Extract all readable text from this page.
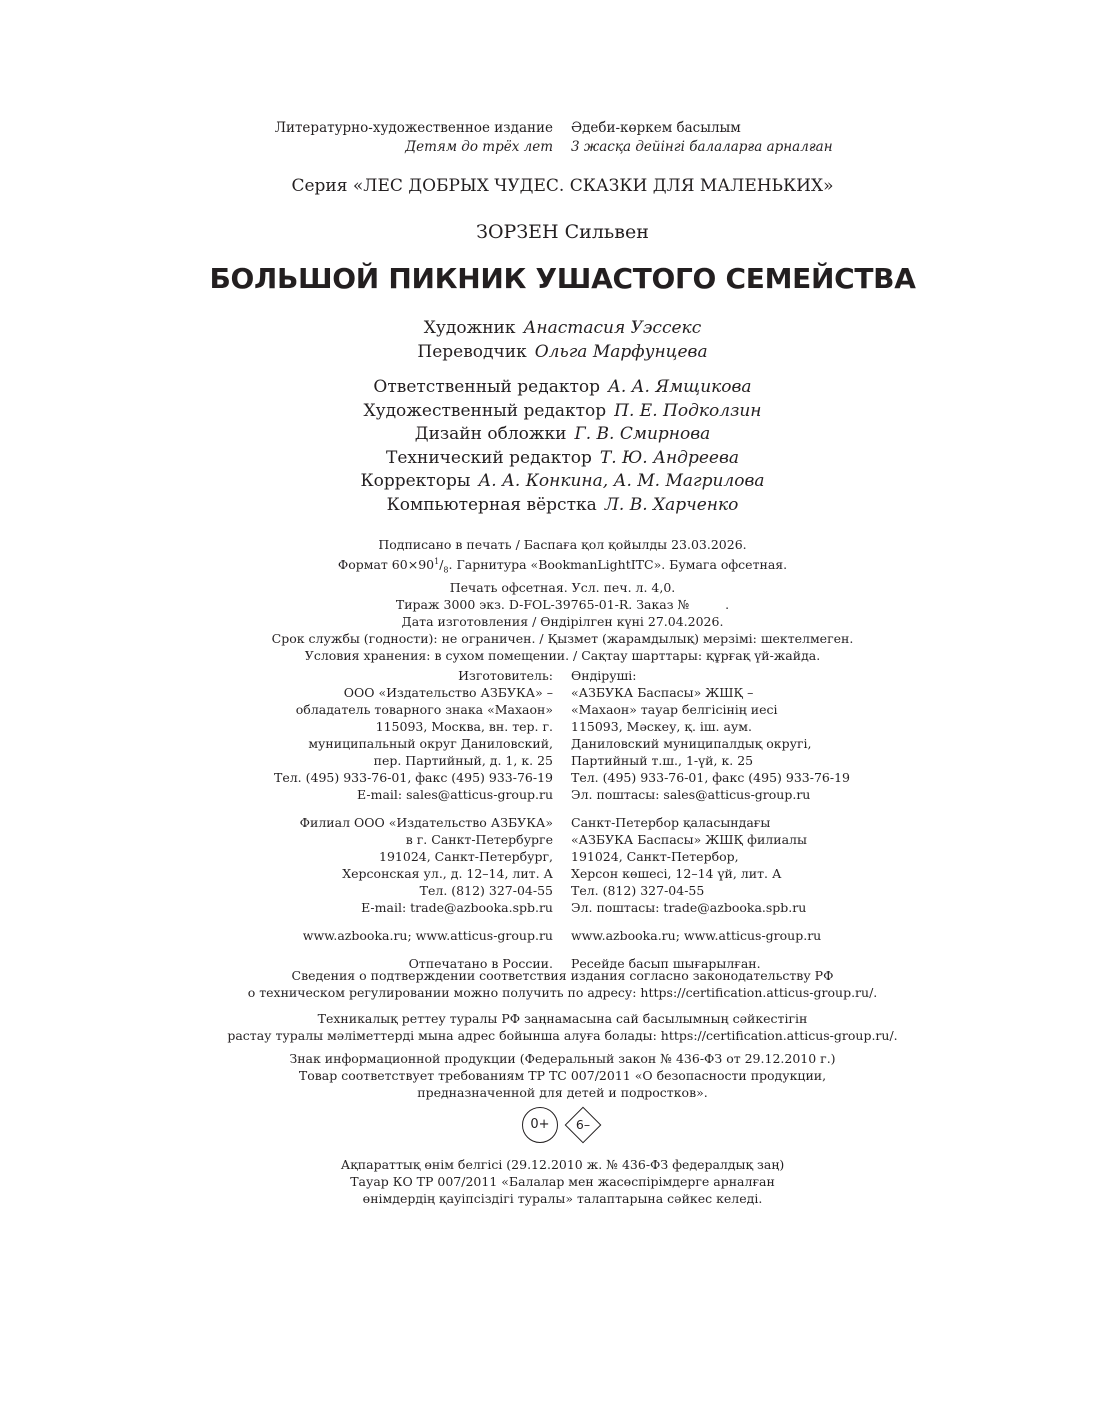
Литературно-художественное издание
Детям до трёх лет
Әдеби-көркем басылым
3 жасқа дейінгі балаларға арналған
Серия «ЛЕС ДОБРЫХ ЧУДЕС. СКАЗКИ ДЛЯ МАЛЕНЬКИХ»
ЗОРЗЕН Сильвен
БОЛЬШОЙ ПИКНИК УШАСТОГО СЕМЕЙСТВА
Художник Анастасия Уэссекс
Переводчик Ольга Марфунцева
Ответственный редактор А. А. Ямщикова
Художественный редактор П. Е. Подколзин
Дизайн обложки Г. В. Смирнова
Технический редактор Т. Ю. Андреева
Корректоры А. А. Конкина, А. М. Магрилова
Компьютерная вёрстка Л. В. Харченко
Подписано в печать / Баспаға қол қойылды 23.03.2026.
Формат $60\times 90^1/_8$. Гарнитура «BookmanLightITC». Бумага офсетная.
Печать офсетная. Усл. печ. л. 4,0.
Тираж 3000 экз. D-FOL-39765-01-R. Заказ №         .
Дата изготовления / Өндірілген күні 27.04.2026.
Срок службы (годности): не ограничен. / Қызмет (жарамдылық) мерзімі: шектелмеген.
Условия хранения: в сухом помещении. / Сақтау шарттары: құрғақ үй-жайда.
Изготовитель:
ООО «Издательство АЗБУКА» –
обладатель товарного знака «Махаон»
115093, Москва, вн. тер. г.
муниципальный округ Даниловский,
пер. Партийный, д. 1, к. 25
Тел. (495) 933-76-01, факс (495) 933-76-19
E-mail: sales@atticus-group.ru
Филиал ООО «Издательство АЗБУКА»
в г. Санкт-Петербурге
191024, Санкт-Петербург,
Херсонская ул., д. 12–14, лит. А
Тел. (812) 327-04-55
E-mail: trade@azbooka.spb.ru
www.azbooka.ru; www.atticus-group.ru
Отпечатано в России.
Өндіруші:
«АЗБУКА Баспасы» ЖШҚ –
«Махаон» тауар белгісінің иесі
115093, Мәскеу, қ. іш. аум.
Даниловский муниципалдық округі,
Партийный т.ш., 1-үй, к. 25
Тел. (495) 933-76-01, факс (495) 933-76-19
Эл. поштасы: sales@atticus-group.ru
Санкт-Петербор қаласындағы
«АЗБУКА Баспасы» ЖШҚ филиалы
191024, Санкт-Петербор,
Херсон көшесі, 12–14 үй, лит. А
Тел. (812) 327-04-55
Эл. поштасы: trade@azbooka.spb.ru
www.azbooka.ru; www.atticus-group.ru
Ресейде басып шығарылған.
Сведения о подтверждении соответствия издания согласно законодательству РФ
о техническом регулировании можно получить по адресу: https://certification.atticus-group.ru/.
Техникалық реттеу туралы РФ заңнамасына сай басылымның сәйкестігін
растау туралы мәліметтерді мына адрес бойынша алуға болады: https://certification.atticus-group.ru/.
Знак информационной продукции (Федеральный закон № 436-ФЗ от 29.12.2010 г.)
Товар соответствует требованиям ТР ТС 007/2011 «О безопасности продукции,
предназначенной для детей и подростков».
0+	6–
Ақпараттық өнім белгісі (29.12.2010 ж. № 436-ФЗ федералдық заң)
Тауар КО ТР 007/2011 «Балалар мен жасөспірімдерге арналған
өнімдердің қауіпсіздігі туралы» талаптарына сәйкес келеді.
